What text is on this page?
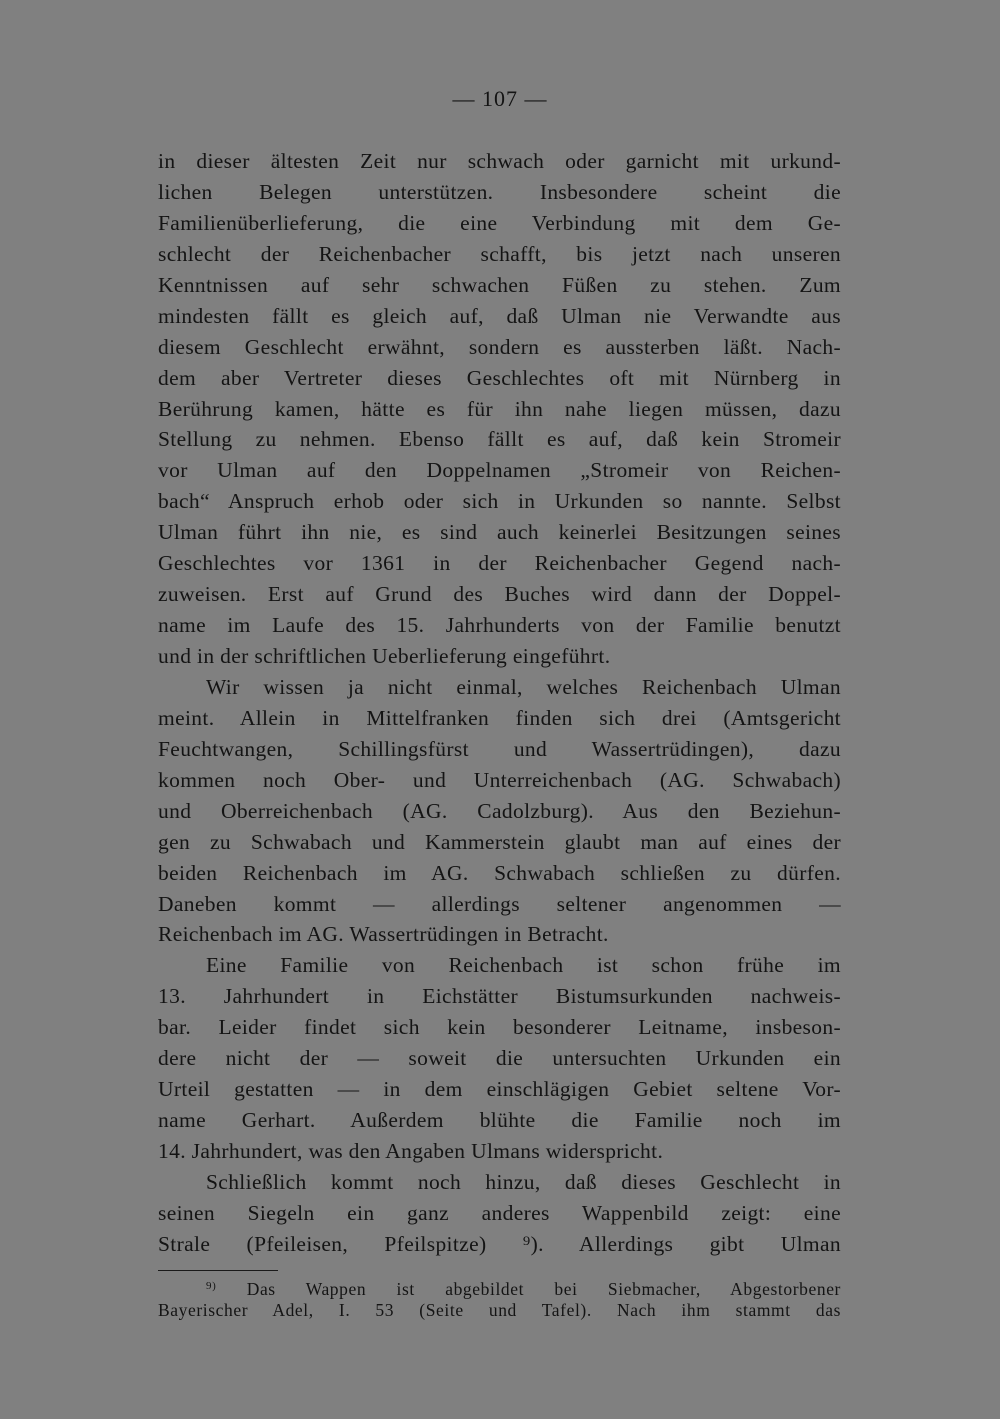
— 107 —
in dieser ältesten Zeit nur schwach oder garnicht mit urkund-
lichen Belegen unterstützen. Insbesondere scheint die
Familienüberlieferung, die eine Verbindung mit dem Ge-
schlecht der Reichenbacher schafft, bis jetzt nach unseren
Kenntnissen auf sehr schwachen Füßen zu stehen. Zum
mindesten fällt es gleich auf, daß Ulman nie Verwandte aus
diesem Geschlecht erwähnt, sondern es aussterben läßt. Nach-
dem aber Vertreter dieses Geschlechtes oft mit Nürnberg in
Berührung kamen, hätte es für ihn nahe liegen müssen, dazu
Stellung zu nehmen. Ebenso fällt es auf, daß kein Stromeir
vor Ulman auf den Doppelnamen „Stromeir von Reichen-
bach“ Anspruch erhob oder sich in Urkunden so nannte. Selbst
Ulman führt ihn nie, es sind auch keinerlei Besitzungen seines
Geschlechtes vor 1361 in der Reichenbacher Gegend nach-
zuweisen. Erst auf Grund des Buches wird dann der Doppel-
name im Laufe des 15. Jahrhunderts von der Familie benutzt
und in der schriftlichen Ueberlieferung eingeführt.
Wir wissen ja nicht einmal, welches Reichenbach Ulman
meint. Allein in Mittelfranken finden sich drei (Amtsgericht
Feuchtwangen, Schillingsfürst und Wassertrüdingen), dazu
kommen noch Ober- und Unterreichenbach (AG. Schwabach)
und Oberreichenbach (AG. Cadolzburg). Aus den Beziehun-
gen zu Schwabach und Kammerstein glaubt man auf eines der
beiden Reichenbach im AG. Schwabach schließen zu dürfen.
Daneben kommt — allerdings seltener angenommen —
Reichenbach im AG. Wassertrüdingen in Betracht.
Eine Familie von Reichenbach ist schon frühe im
13. Jahrhundert in Eichstätter Bistumsurkunden nachweis-
bar. Leider findet sich kein besonderer Leitname, insbeson-
dere nicht der — soweit die untersuchten Urkunden ein
Urteil gestatten — in dem einschlägigen Gebiet seltene Vor-
name Gerhart. Außerdem blühte die Familie noch im
14. Jahrhundert, was den Angaben Ulmans widerspricht.
Schließlich kommt noch hinzu, daß dieses Geschlecht in
seinen Siegeln ein ganz anderes Wappenbild zeigt: eine
Strale (Pfeileisen, Pfeilspitze) ⁹). Allerdings gibt Ulman
$^{9)}$ Das Wappen ist abgebildet bei Siebmacher, Abgestorbener
Bayerischer Adel, I. 53 (Seite und Tafel). Nach ihm stammt das
